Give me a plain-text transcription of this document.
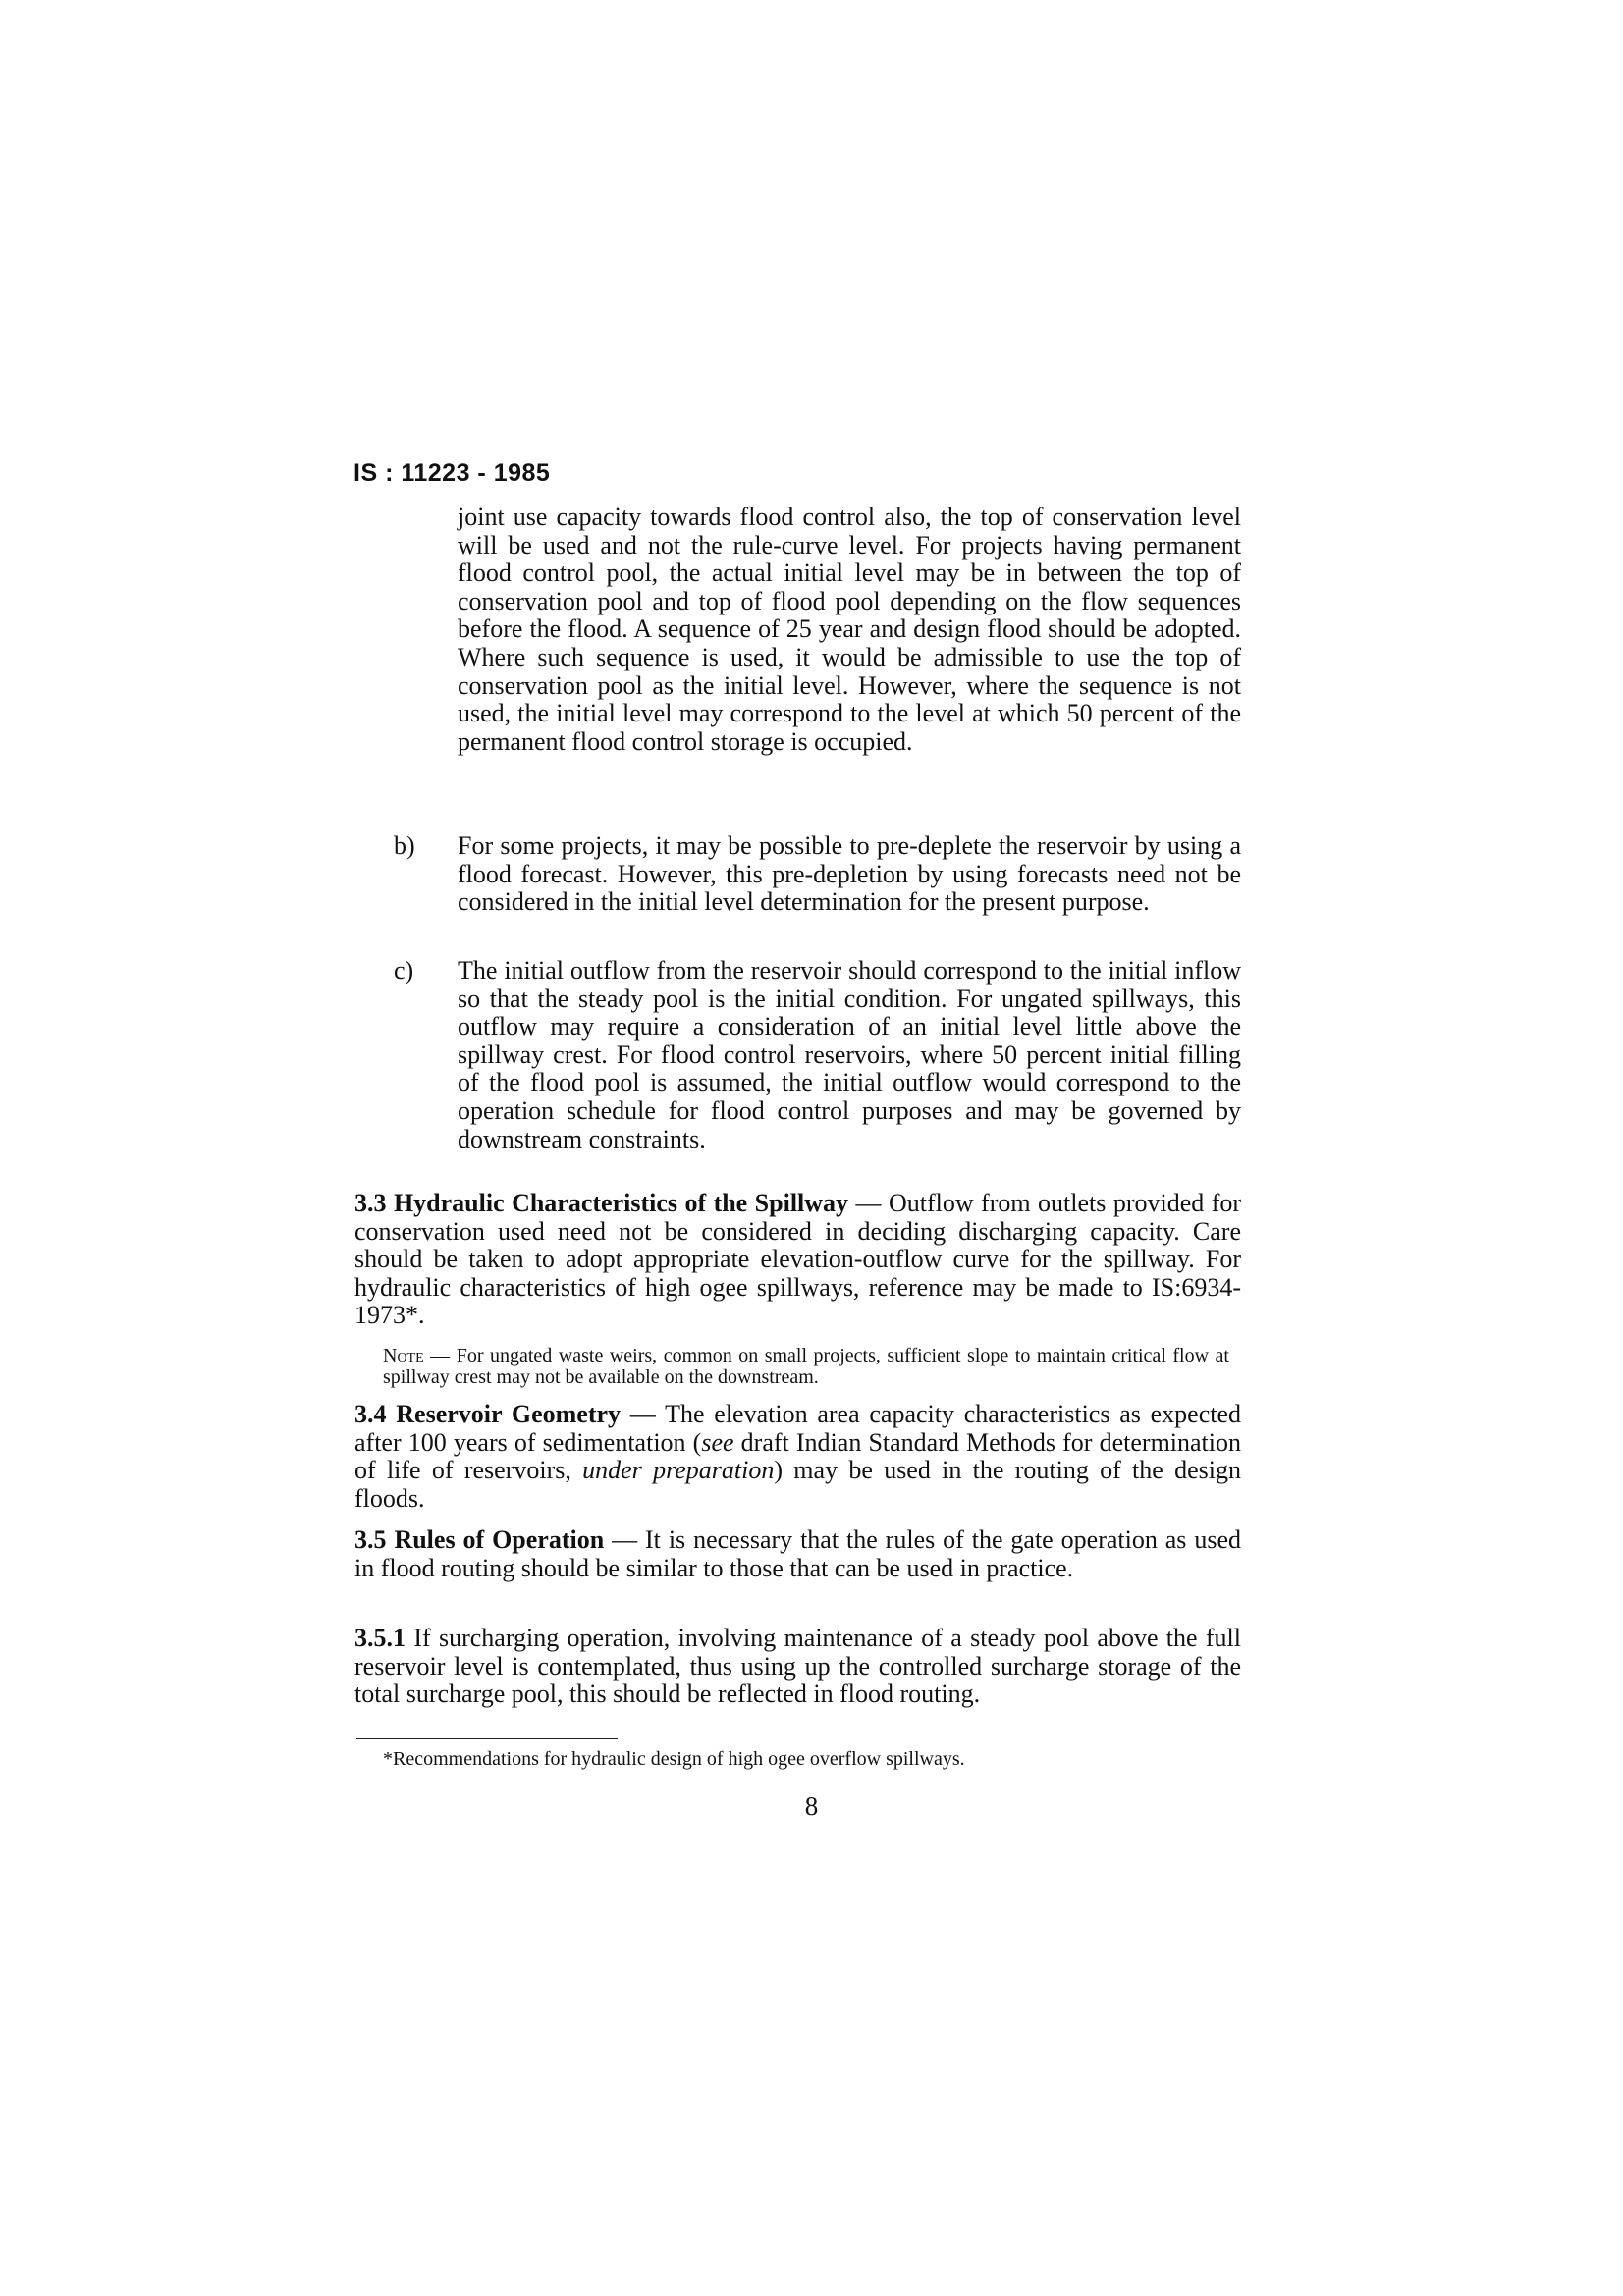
IS : 11223 - 1985

joint use capacity towards flood control also, the top of conservation level will be used and not the rule-curve level. For projects having permanent flood control pool, the actual initial level may be in between the top of conservation pool and top of flood pool depending on the flow sequences before the flood. A sequence of 25 year and design flood should be adopted. Where such sequence is used, it would be admissible to use the top of conservation pool as the initial level. However, where the sequence is not used, the initial level may correspond to the level at which 50 percent of the permanent flood control storage is occupied.

b)	For some projects, it may be possible to pre-deplete the reservoir by using a flood forecast. However, this pre-depletion by using forecasts need not be considered in the initial level determination for the present purpose.
c)	The initial outflow from the reservoir should correspond to the initial inflow so that the steady pool is the initial condition. For ungated spillways, this outflow may require a consideration of an initial level little above the spillway crest. For flood control reservoirs, where 50 percent initial filling of the flood pool is assumed, the initial outflow would correspond to the operation schedule for flood control purposes and may be governed by downstream constraints.

3.3 Hydraulic Characteristics of the Spillway — Outflow from outlets provided for conservation used need not be considered in deciding discharging capacity. Care should be taken to adopt appropriate elevation-outflow curve for the spillway. For hydraulic characteristics of high ogee spillways, reference may be made to IS:6934-1973*.

Note — For ungated waste weirs, common on small projects, sufficient slope to maintain critical flow at spillway crest may not be available on the downstream.

3.4 Reservoir Geometry — The elevation area capacity characteristics as expected after 100 years of sedimentation (see draft Indian Standard Methods for determination of life of reservoirs, under preparation) may be used in the routing of the design floods.

3.5 Rules of Operation — It is necessary that the rules of the gate operation as used in flood routing should be similar to those that can be used in practice.

3.5.1 If surcharging operation, involving maintenance of a steady pool above the full reservoir level is contemplated, thus using up the controlled surcharge storage of the total surcharge pool, this should be reflected in flood routing.

*Recommendations for hydraulic design of high ogee overflow spillways.

8
